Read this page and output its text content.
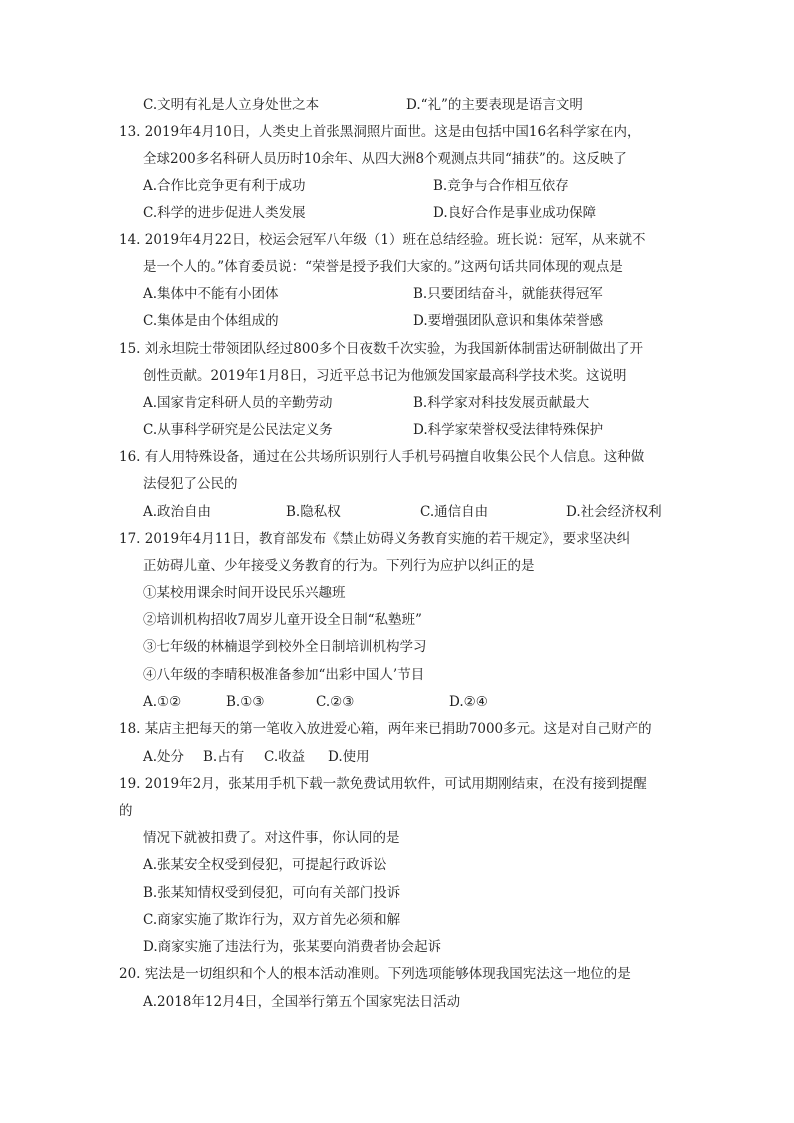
C.文明有礼是人立身处世之本	D.“礼”的主要表现是语言文明
13. 2019年4月10日，人类史上首张黑洞照片面世。这是由包括中国16名科学家在内，
全球200多名科研人员历时10余年、从四大洲8个观测点共同“捕获”的。这反映了
A.合作比竞争更有利于成功	B.竞争与合作相互依存
C.科学的进步促进人类发展	D.良好合作是事业成功保障
14. 2019年4月22日，校运会冠军八年级（1）班在总结经验。班长说：冠军，从来就不
是一个人的。”体育委员说：“荣誉是授予我们大家的。”这两句话共同体现的观点是
A.集体中不能有小团体	B.只要团结奋斗，就能获得冠军
C.集体是由个体组成的	D.要增强团队意识和集体荣誉感
15. 刘永坦院士带领团队经过800多个日夜数千次实验，为我国新体制雷达研制做出了开
创性贡献。2019年1月8日，习近平总书记为他颁发国家最高科学技术奖。这说明
A.国家肯定科研人员的辛勤劳动	B.科学家对科技发展贡献最大
C.从事科学研究是公民法定义务	D.科学家荣誉权受法律特殊保护
16. 有人用特殊设备，通过在公共场所识别行人手机号码擅自收集公民个人信息。这种做
法侵犯了公民的
A.政治自由	B.隐私权	C.通信自由	D.社会经济权利
17. 2019年4月11日，教育部发布《禁止妨碍义务教育实施的若干规定》，要求坚决纠
正妨碍儿童、少年接受义务教育的行为。下列行为应护以纠正的是
①某校用课余时间开设民乐兴趣班
②培训机构招收7周岁儿童开设全日制“私塾班”
③七年级的林楠退学到校外全日制培训机构学习
④八年级的李晴积极准备参加“出彩中国人’节目
A.①②	B.①③	C.②③	D.②④
18. 某店主把每天的第一笔收入放进爱心箱，两年来已捐助7000多元。这是对自己财产的
A.处分 B.占有 C.收益 D.使用
19. 2019年2月，张某用手机下载一款免费试用软件，可试用期刚结束，在没有接到提醒
的
情况下就被扣费了。对这件事，你认同的是
A.张某安全权受到侵犯，可提起行政诉讼
B.张某知情权受到侵犯，可向有关部门投诉
C.商家实施了欺诈行为，双方首先必须和解
D.商家实施了违法行为，张某要向消费者协会起诉
20. 宪法是一切组织和个人的根本活动准则。下列选项能够体现我国宪法这一地位的是
A.2018年12月4日，全国举行第五个国家宪法日活动
